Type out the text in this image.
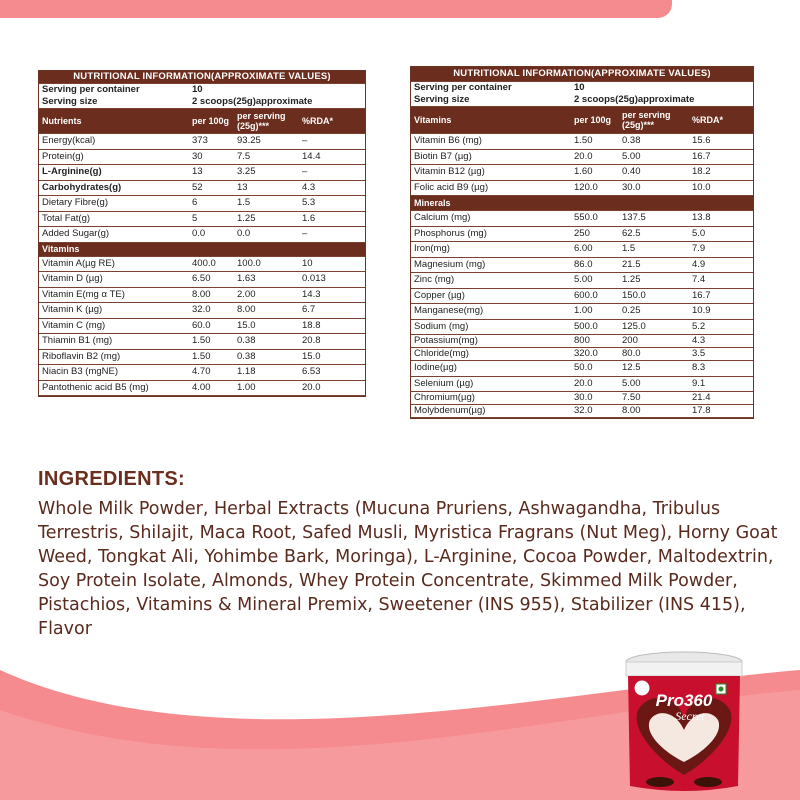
NUTRITIONAL INFORMATION(APPROXIMATE VALUES)			
Serving per container	10		
Serving size	2 scoops(25g)approximate		
Nutrients	per 100g	per serving (25g)***	%RDA*
Energy(kcal)	373	93.25	–
Protein(g)	30	7.5	14.4
L-Arginine(g)	13	3.25	–
Carbohydrates(g)	52	13	4.3
Dietary Fibre(g)	6	1.5	5.3
Total Fat(g)	5	1.25	1.6
Added Sugar(g)	0.0	0.0	–
Vitamins			
Vitamin A(µg RE)	400.0	100.0	10
Vitamin D (µg)	6.50	1.63	0.013
Vitamin E(mg α TE)	8.00	2.00	14.3
Vitamin K (µg)	32.0	8.00	6.7
Vitamin C (mg)	60.0	15.0	18.8
Thiamin B1 (mg)	1.50	0.38	20.8
Riboflavin B2 (mg)	1.50	0.38	15.0
Niacin B3 (mgNE)	4.70	1.18	6.53
Pantothenic acid B5 (mg)	4.00	1.00	20.0
NUTRITIONAL INFORMATION(APPROXIMATE VALUES)			
Serving per container	10		
Serving size	2 scoops(25g)approximate		
Vitamins	per 100g	per serving (25g)***	%RDA*
Vitamin B6 (mg)	1.50	0.38	15.6
Biotin B7 (µg)	20.0	5.00	16.7
Vitamin B12 (µg)	1.60	0.40	18.2
Folic acid B9 (µg)	120.0	30.0	10.0
Minerals			
Calcium (mg)	550.0	137.5	13.8
Phosphorus (mg)	250	62.5	5.0
Iron(mg)	6.00	1.5	7.9
Magnesium (mg)	86.0	21.5	4.9
Zinc (mg)	5.00	1.25	7.4
Copper (µg)	600.0	150.0	16.7
Manganese(mg)	1.00	0.25	10.9
Sodium (mg)	500.0	125.0	5.2
Potassium(mg)	800	200	4.3
Chloride(mg)	320.0	80.0	3.5
Iodine(µg)	50.0	12.5	8.3
Selenium (µg)	20.0	5.00	9.1
Chromium(µg)	30.0	7.50	21.4
Molybdenum(µg)	32.0	8.00	17.8
INGREDIENTS:
Whole Milk Powder, Herbal Extracts (Mucuna Pruriens, Ashwagandha, Tribulus Terrestris, Shilajit, Maca Root, Safed Musli, Myristica Fragrans (Nut Meg), Horny Goat Weed, Tongkat Ali, Yohimbe Bark, Moringa), L-Arginine, Cocoa Powder, Maltodextrin, Soy Protein Isolate, Almonds, Whey Protein Concentrate, Skimmed Milk Powder, Pistachios, Vitamins & Mineral Premix, Sweetener (INS 955), Stabilizer (INS 415), Flavor
Pro360
Secret
